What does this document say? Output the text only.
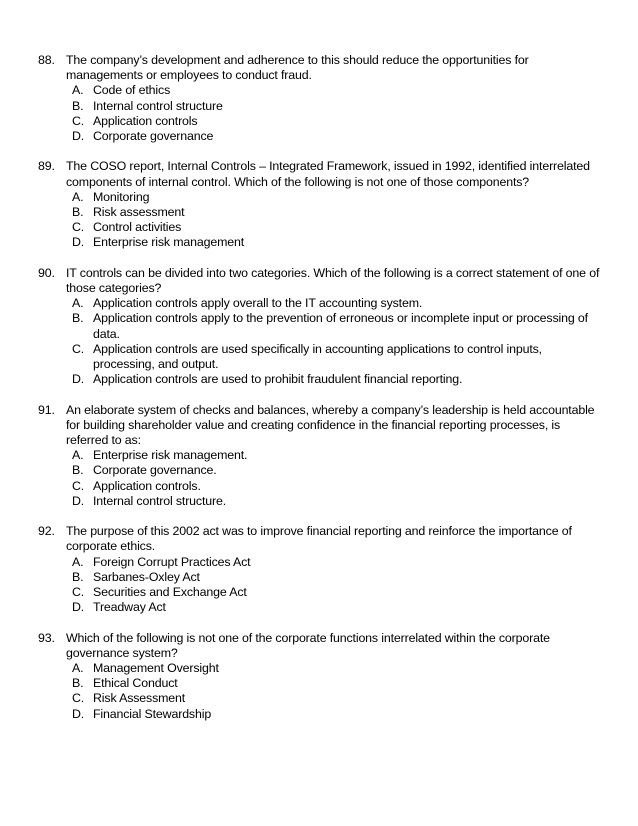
88. The company’s development and adherence to this should reduce the opportunities for managements or employees to conduct fraud.
A. Code of ethics
B. Internal control structure
C. Application controls
D. Corporate governance
89. The COSO report, Internal Controls – Integrated Framework, issued in 1992, identified interrelated components of internal control. Which of the following is not one of those components?
A. Monitoring
B. Risk assessment
C. Control activities
D. Enterprise risk management
90. IT controls can be divided into two categories. Which of the following is a correct statement of one of those categories?
A. Application controls apply overall to the IT accounting system.
B. Application controls apply to the prevention of erroneous or incomplete input or processing of data.
C. Application controls are used specifically in accounting applications to control inputs, processing, and output.
D. Application controls are used to prohibit fraudulent financial reporting.
91. An elaborate system of checks and balances, whereby a company’s leadership is held accountable for building shareholder value and creating confidence in the financial reporting processes, is referred to as:
A. Enterprise risk management.
B. Corporate governance.
C. Application controls.
D. Internal control structure.
92. The purpose of this 2002 act was to improve financial reporting and reinforce the importance of corporate ethics.
A. Foreign Corrupt Practices Act
B. Sarbanes-Oxley Act
C. Securities and Exchange Act
D. Treadway Act
93. Which of the following is not one of the corporate functions interrelated within the corporate governance system?
A. Management Oversight
B. Ethical Conduct
C. Risk Assessment
D. Financial Stewardship
